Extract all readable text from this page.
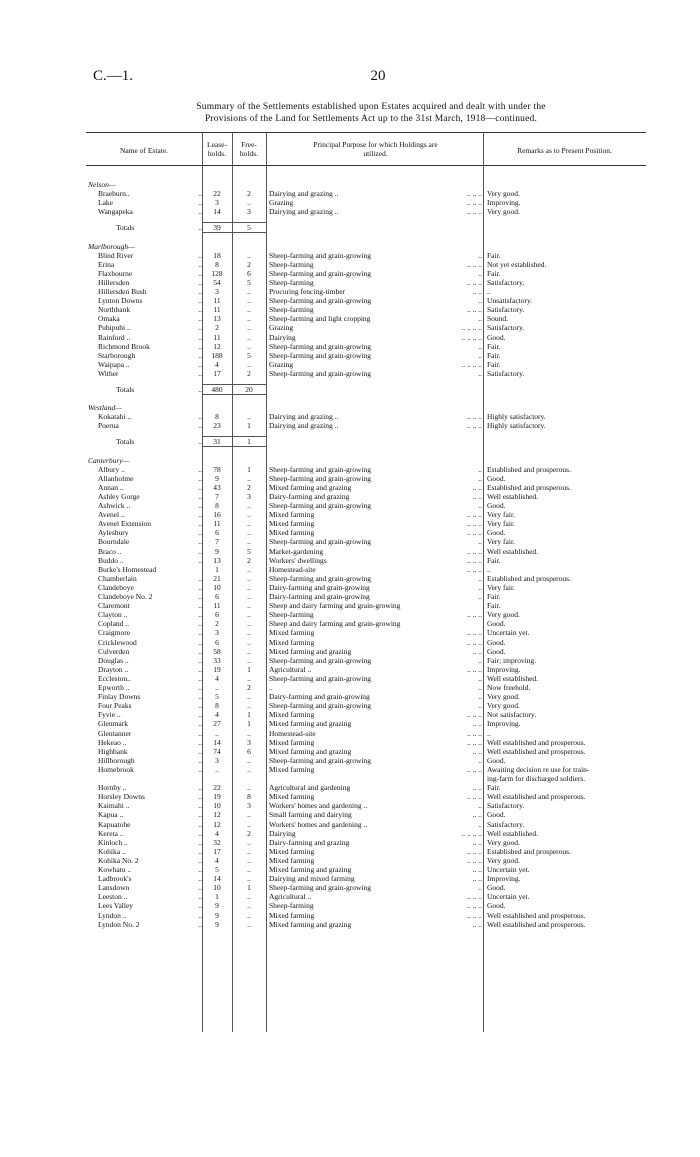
C.—1.	20
Summary of the Settlements established upon Estates acquired and dealt with under the
Provisions of the Land for Settlements Act up to the 31st March, 1918—continued.
Name of Estate.
Lease-
holds.
Free-
holds.
Principal Purpose for which Holdings are
utilized.	Remarks as to Present Position.
Nelson—
Braeburn..	..	22	2	Dairying and grazing ..	.. .. .. Very good.
Lake	..	3	..	Grazing	.. .. .. Improving.
Wangapeka	..	14	3	Dairying and grazing ..	.. .. .. Very good.
Totals	..	39	5
Marlborough—
Blind River	..	18	..	Sheep-farming and grain-growing	.. Fair.
Erina	..	8	2	Sheep-farming	.. .. .. Not yet established.
Flaxbourne	..	128	6	Sheep-farming and grain-growing	.. Fair.
Hillersden	..	54	5	Sheep-farming	.. .. .. Satisfactory.
Hillersden Bush	..	3	..	Procuring fencing-timber	.. .. ..
Lynton Downs	..	11	..	Sheep-farming and grain-growing	.. Unsatisfactory.
Northbank	..	11	..	Sheep-farming	.. .. .. Satisfactory.
Omaka	..	13	..	Sheep-farming and light cropping	.. Sound.
Puhipuhi ..	..	2	..	Grazing	.. .. .. .. Satisfactory.
Rainford ..	..	11	..	Dairying	.. .. .. .. Good.
Richmond Brook	..	12	..	Sheep-farming and grain-growing	.. Fair.
Starborough	..	188	5	Sheep-farming and grain-growing	.. Fair.
Waipapa ..	..	4	..	Grazing	.. .. .. .. Fair.
Wither	..	17	2	Sheep-farming and grain-growing	.. Satisfactory.
Totals	..	480	20
Westland—
Kokatahi ..	..	8	..	Dairying and grazing ..	.. .. .. Highly satisfactory.
Poerua	..	23	1	Dairying and grazing ..	.. .. .. Highly satisfactory.
Totals	..	31	1
Canterbury—
Albury ..	..	78	1	Sheep-farming and grain-growing	.. Established and prosperous.
Allanholme	..	9	..	Sheep-farming and grain-growing	.. Good.
Annan ..	..	43	2	Mixed farming and grazing	.. .. Established and prosperous.
Ashley Gorge	..	7	3	Dairy-farming and grazing	.. .. Well established.
Ashwick ..	..	8	..	Sheep-farming and grain-growing	.. Good.
Avenel ..	..	16	..	Mixed farming	.. .. .. Very fair.
Avenel Extension	..	11	..	Mixed farming	.. .. .. Very fair.
Aylesbury	..	6	..	Mixed farming	.. .. .. Good.
Bourndale	..	7	..	Sheep-farming and grain-growing	.. Very fair.
Braco ..	..	9	5	Market-gardening	.. .. .. Well established.
Buddo ..	..	13	2	Workers' dwellings	.. .. .. Fair.
Burke's Homestead	1	..	Homestead-site	.. .. .. ..
Chamberlain	..	21	..	Sheep-farming and grain-growing	.. Established and prosperous.
Clandeboye	..	10	..	Dairy-farming and grain-growing	.. Very fair.
Clandeboye No. 2	..	6	..	Dairy-farming and grain-growing	.. Fair.
Claremont	..	11	..	Sheep and dairy farming and grain-growing	Fair.
Clayton ..	..	6	..	Sheep-farming	.. .. .. Very good.
Copland ..	..	2	..	Sheep and dairy farming and grain-growing	Good.
Craigmore	..	3	..	Mixed farming	.. .. .. Uncertain yet.
Cricklewood	..	6	..	Mixed farming	.. .. .. Good.
Culverden	..	58	..	Mixed farming and grazing	.. .. Good.
Douglas ..	..	33	..	Sheep-farming and grain-growing	.. Fair; improving.
Drayton ..	..	19	1	Agricultural ..	.. .. .. Improving.
Eccleston..	..	4	..	Sheep-farming and grain-growing	.. Well established.
Epworth ..	..	..	2	..	.. Now freehold.
Finlay Downs	..	5	..	Dairy-farming and grain-growing	.. Very good.
Four Peaks	..	8	..	Sheep-farming and grain-growing	.. Very good.
Fyvie ..	..	4	1	Mixed farming	.. .. .. Not satisfactory.
Glenmark	..	27	1	Mixed farming and grazing	.. .. Improving.
Glentanner	..	..	..	Homestead-site	.. .. .. ..
Hekeao ..	..	14	3	Mixed farming	.. .. .. Well established and prosperous.
Highbank	..	74	6	Mixed farming and grazing	.. .. Well established and prosperous.
Hillborough	..	3	..	Sheep-farming and grain-growing	.. Good.
Homebrook	..	..	..	Mixed farming	.. .. .. Awaiting decision re use for train-
ing-farm for discharged soldiers.
Hornby ..	..	22	..	Agricultural and gardening	.. .. Fair.
Horsley Downs	..	19	8	Mixed farming	.. .. .. Well established and prosperous.
Kaimahi ..	..	10	3	Workers' homes and gardening ..	.. Satisfactory.
Kapua ..	..	12	..	Small farming and dairying	.. .. Good.
Kapuatohe	..	12	..	Workers' homes and gardening ..	.. Satisfactory.
Kereta ..	..	4	2	Dairying	.. .. .. .. Well established.
Kinloch ..	..	32	..	Dairy-farming and grazing	.. .. Very good.
Kohika ..	..	17	..	Mixed farming	.. .. .. Established and prosperous.
Kohika No. 2	..	4	..	Mixed farming	.. .. .. Very good.
Kowhatu ..	..	5	..	Mixed farming and grazing	.. .. Uncertain yet.
Ladbrook's	..	14	..	Dairying and mixed farming	.. .. Improving.
Lansdown	..	10	1	Sheep-farming and grain-growing	.. Good.
Leeston ..	..	1	..	Agricultural ..	.. .. .. Uncertain yet.
Lees Valley	..	9	..	Sheep-farming	.. .. .. Good.
Lyndon ..	..	9	..	Mixed farming	.. .. .. Well established and prosperous.
Lyndon No. 2	..	9	..	Mixed farming and grazing	.. .. Well established and prosperous.
